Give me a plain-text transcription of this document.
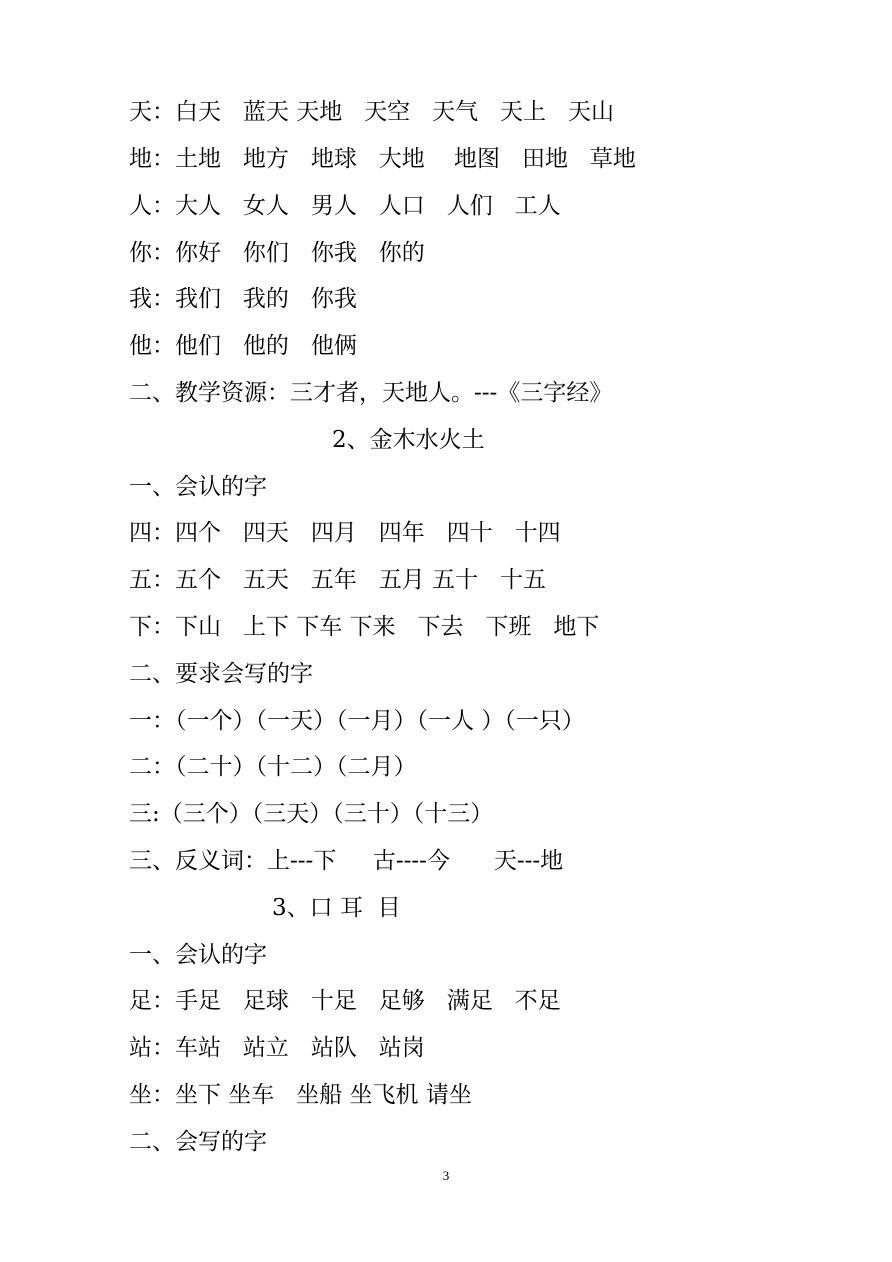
天：白天   蓝天 天地   天空   天气   天上   天山
地：土地   地方   地球   大地    地图   田地   草地
人：大人   女人   男人   人口   人们   工人
你：你好   你们   你我   你的
我：我们   我的   你我
他：他们   他的   他俩
二、教学资源：三才者，天地人。---《三字经》
2、金木水火土
一、会认的字
四：四个   四天   四月   四年   四十   十四
五：五个   五天   五年   五月 五十   十五
下：下山   上下 下车 下来   下去   下班   地下
二、要求会写的字
一：（一个）（一天）（一月）（一人 ）（一只）
二：（二十）（十二）（二月）
三:（三个）（三天）（三十）（十三）
三、反义词：上---下     古----今      天---地
3、口 耳  目
一、会认的字
足：手足   足球   十足   足够   满足   不足
站：车站   站立   站队   站岗
坐：坐下 坐车   坐船 坐飞机 请坐
二、会写的字
3
